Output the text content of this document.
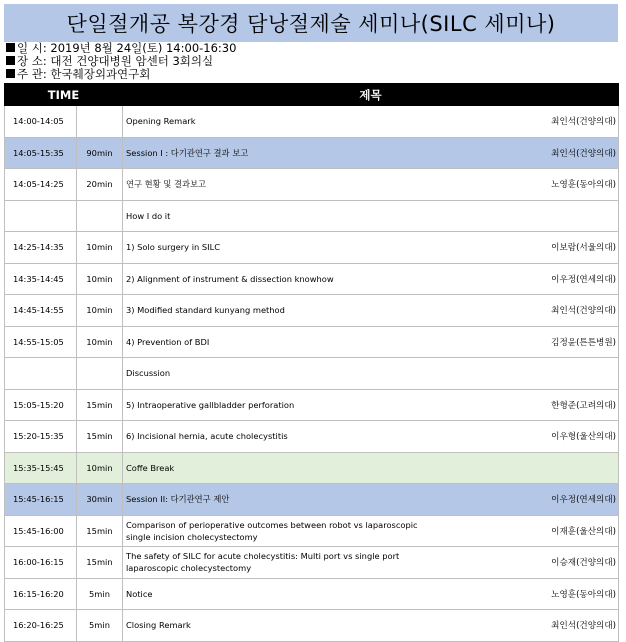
단일절개공 복강경 담낭절제술 세미나(SILC 세미나)
일 시: 2019년 8월 24일(토) 14:00-16:30
장 소: 대전 건양대병원 암센터 3회의실
주 관: 한국췌장외과연구회
TIME		제목	
14:00-14:05		Opening Remark	최인석(건양의대)
14:05-15:35	90min	Session I : 다기관연구 결과 보고	최인석(건양의대)
14:05-14:25	20min	연구 현황 및 결과보고	노영훈(동아의대)
		How I do it	
14:25-14:35	10min	1) Solo surgery in SILC	이보람(서울의대)
14:35-14:45	10min	2) Alignment of instrument & dissection knowhow	이우정(연세의대)
14:45-14:55	10min	3) Modified standard kunyang method	최인석(건양의대)
14:55-15:05	10min	4) Prevention of BDI	김정윤(튼튼병원)
		Discussion	
15:05-15:20	15min	5) Intraoperative gallbladder perforation	한형준(고려의대)
15:20-15:35	15min	6) Incisional hernia, acute cholecystitis	이우형(울산의대)
15:35-15:45	10min	Coffe Break	
15:45-16:15	30min	Session II: 다기관연구 제안	이우정(연세의대)
15:45-16:00	15min	Comparison of perioperative outcomes between robot vs laparoscopic single incision cholecystectomy	이재훈(울산의대)
16:00-16:15	15min	The safety of SILC for acute cholecystitis: Multi port vs single port laparoscopic cholecystectomy	이승재(건양의대)
16:15-16:20	5min	Notice	노영훈(동아의대)
16:20-16:25	5min	Closing Remark	최인석(건양의대)
